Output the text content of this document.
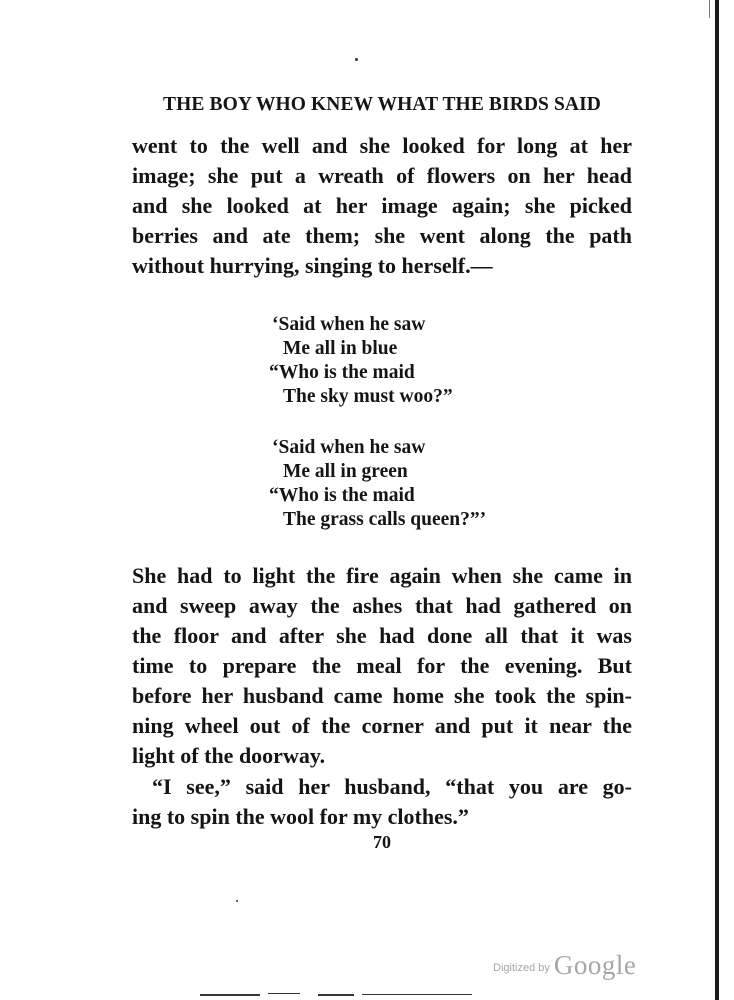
THE BOY WHO KNEW WHAT THE BIRDS SAID
went to the well and she looked for long at her
image; she put a wreath of flowers on her head
and she looked at her image again; she picked
berries and ate them; she went along the path
without hurrying, singing to herself.—
‘Said when he saw
Me all in blue
“Who is the maid
The sky must woo?”
‘Said when he saw
Me all in green
“Who is the maid
The grass calls queen?”’
She had to light the fire again when she came in
and sweep away the ashes that had gathered on
the floor and after she had done all that it was
time to prepare the meal for the evening. But
before her husband came home she took the spin-
ning wheel out of the corner and put it near the
light of the doorway.
“I see,” said her husband, “that you are go-
ing to spin the wool for my clothes.”
70
Digitized by Google
